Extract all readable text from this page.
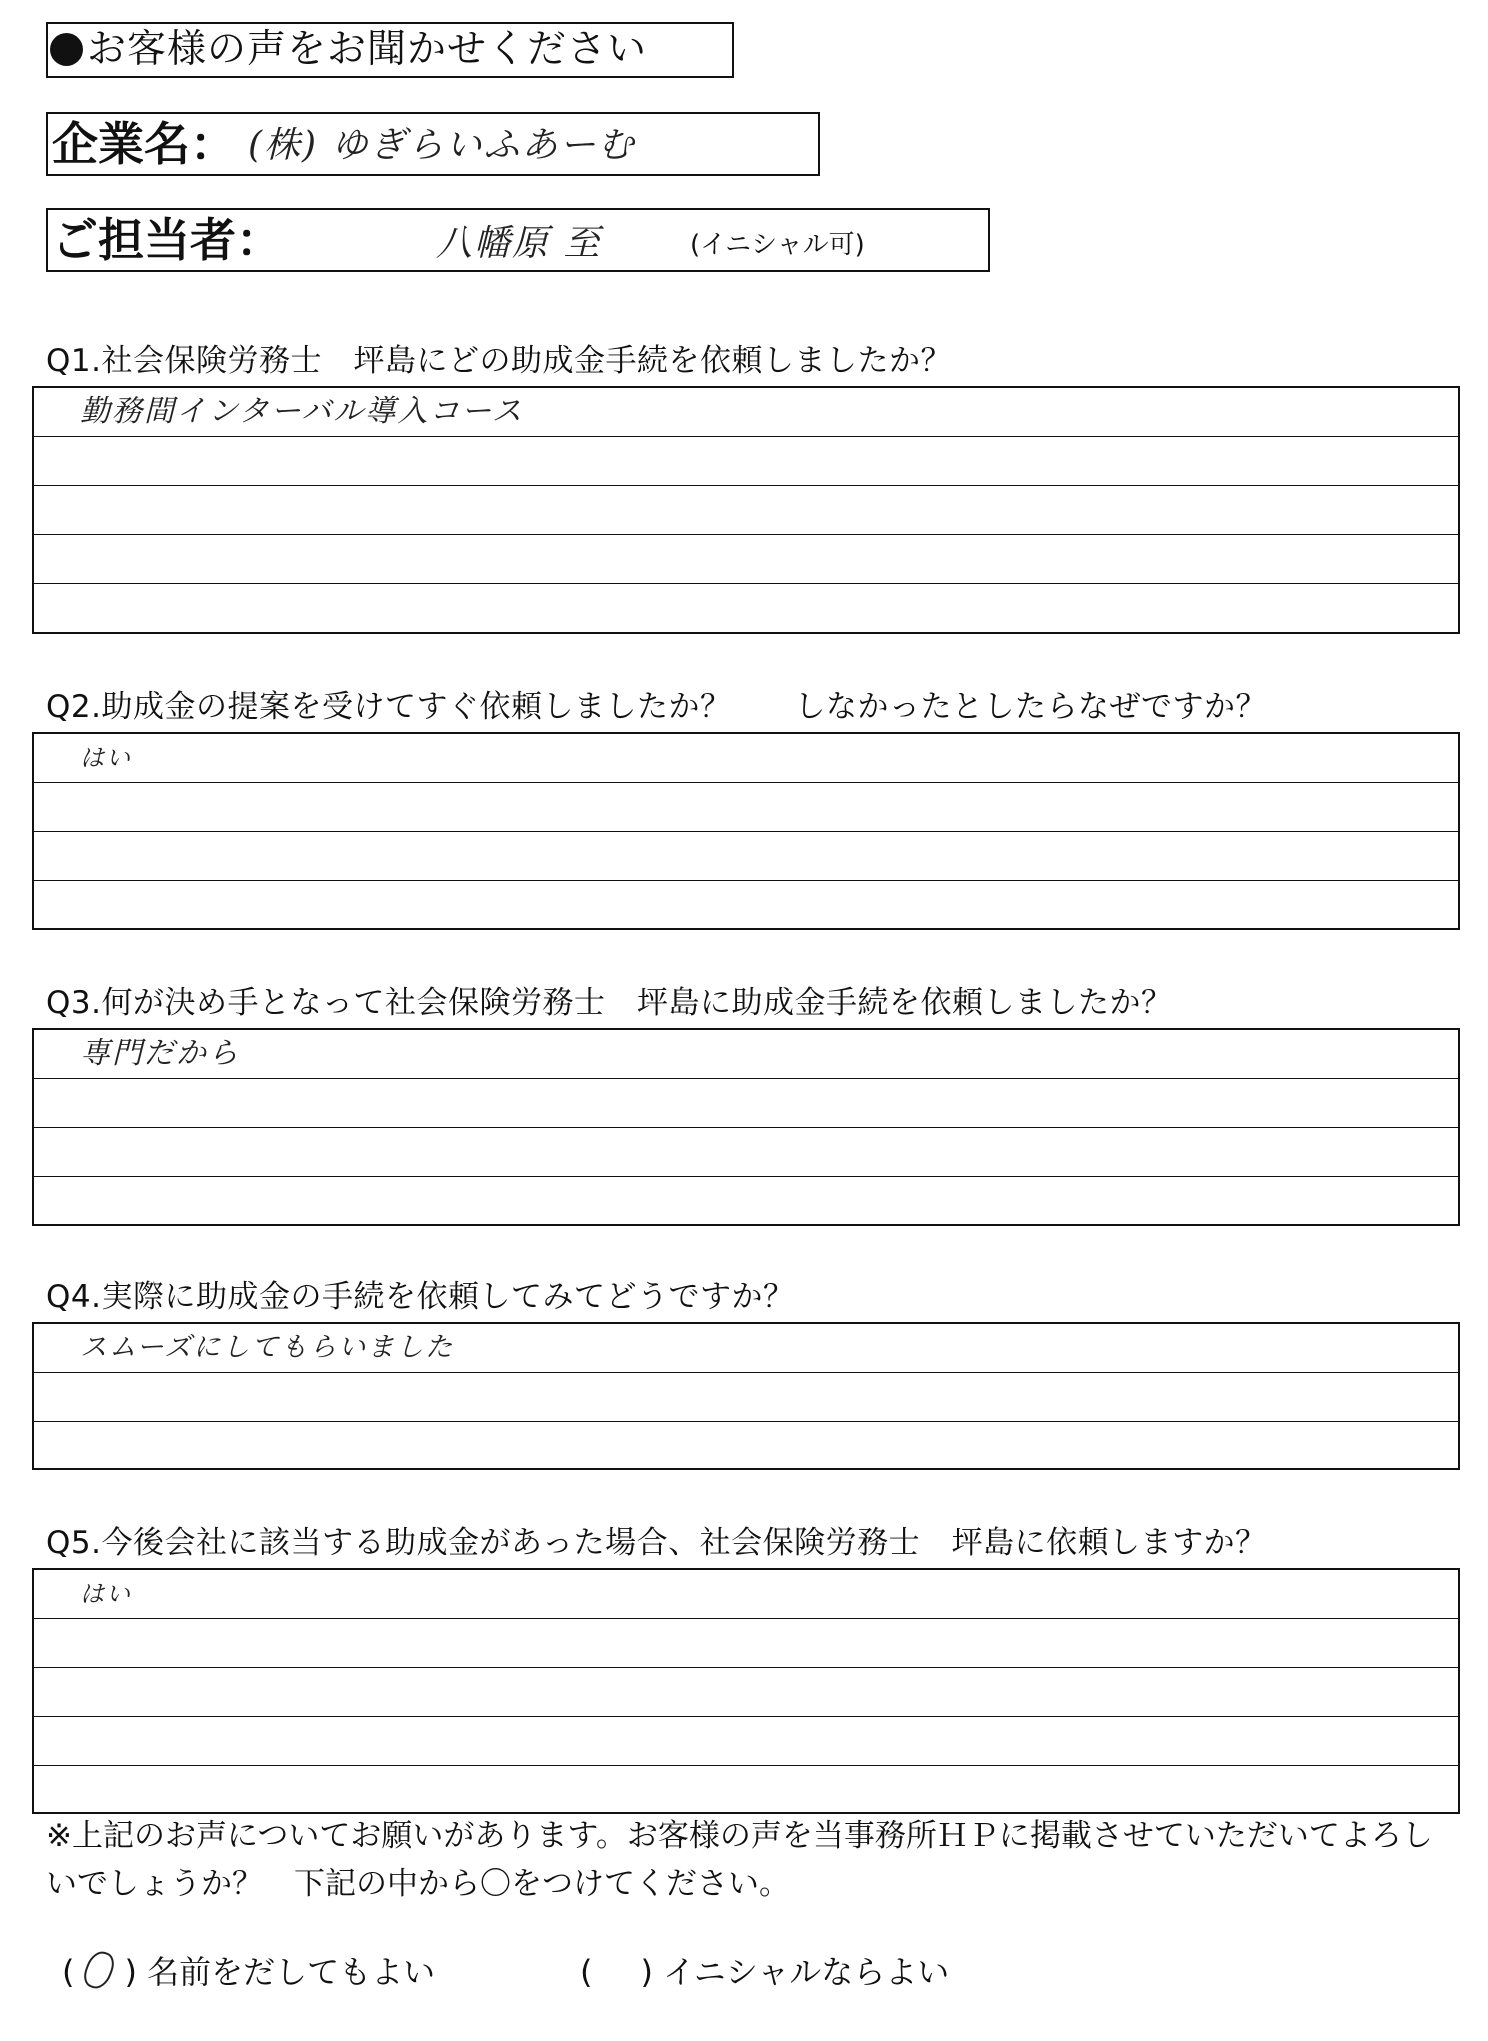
お客様の声をお聞かせください
企業名： (株) ゆぎらいふあーむ
ご担当者：	八幡原 至	(イニシャル可)
Q1.社会保険労務士　坪島にどの助成金手続を依頼しましたか？
勤務間インターバル導入コース
Q2.助成金の提案を受けてすぐ依頼しましたか？　　しなかったとしたらなぜですか？
はい
Q3.何が決め手となって社会保険労務士　坪島に助成金手続を依頼しましたか？
専門だから
Q4.実際に助成金の手続を依頼してみてどうですか？
スムーズにしてもらいました
Q5.今後会社に該当する助成金があった場合、社会保険労務士　坪島に依頼しますか？
はい
※上記のお声についてお願いがあります。お客様の声を当事務所ＨＰに掲載させていただいてよろしいでしょうか？　下記の中から〇をつけてください。
( ) 名前をだしてもよい	( ) イニシャルならよい
